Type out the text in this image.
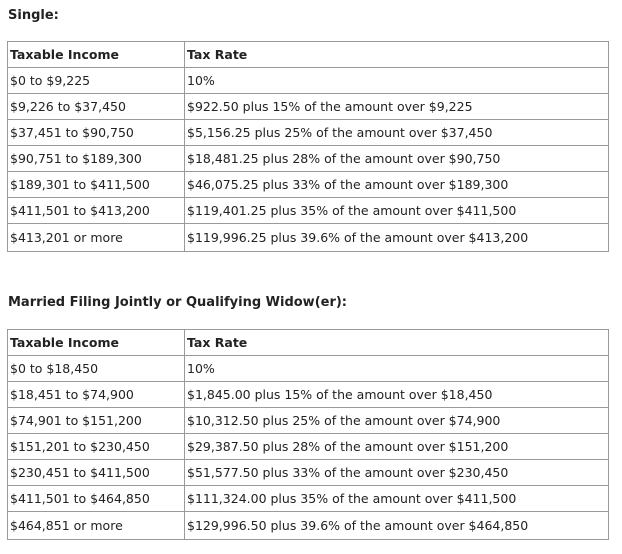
Single:
Taxable Income	Tax Rate
$0 to $9,225	10%
$9,226 to $37,450	$922.50 plus 15% of the amount over $9,225
$37,451 to $90,750	$5,156.25 plus 25% of the amount over $37,450
$90,751 to $189,300	$18,481.25 plus 28% of the amount over $90,750
$189,301 to $411,500	$46,075.25 plus 33% of the amount over $189,300
$411,501 to $413,200	$119,401.25 plus 35% of the amount over $411,500
$413,201 or more	$119,996.25 plus 39.6% of the amount over $413,200
Married Filing Jointly or Qualifying Widow(er):
Taxable Income	Tax Rate
$0 to $18,450	10%
$18,451 to $74,900	$1,845.00 plus 15% of the amount over $18,450
$74,901 to $151,200	$10,312.50 plus 25% of the amount over $74,900
$151,201 to $230,450	$29,387.50 plus 28% of the amount over $151,200
$230,451 to $411,500	$51,577.50 plus 33% of the amount over $230,450
$411,501 to $464,850	$111,324.00 plus 35% of the amount over $411,500
$464,851 or more	$129,996.50 plus 39.6% of the amount over $464,850
